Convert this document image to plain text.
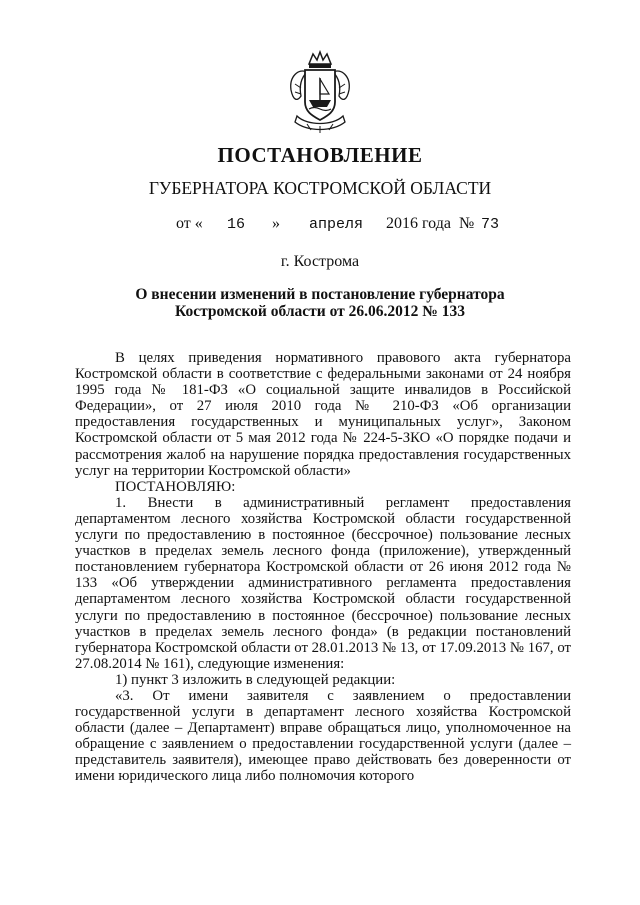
ПОСТАНОВЛЕНИЕ
ГУБЕРНАТОРА КОСТРОМСКОЙ ОБЛАСТИ
от « 16 » апреля 2016 года № 73
г. Кострома
О внесении изменений в постановление губернатора
Костромской области от 26.06.2012 № 133

В целях приведения нормативного правового акта губернатора Костромской области в соответствие с федеральными законами от 24 ноября 1995 года № 181-ФЗ «О социальной защите инвалидов в Российской Федерации», от 27 июля 2010 года № 210-ФЗ «Об организации предоставления государственных и муниципальных услуг», Законом Костромской области от 5 мая 2012 года № 224-5-ЗКО «О порядке подачи и рассмотрения жалоб на нарушение порядка предоставления государственных услуг на территории Костромской области»

ПОСТАНОВЛЯЮ:

1. Внести в административный регламент предоставления департаментом лесного хозяйства Костромской области государственной услуги по предоставлению в постоянное (бессрочное) пользование лесных участков в пределах земель лесного фонда (приложение), утвержденный постановлением губернатора Костромской области от 26 июня 2012 года № 133 «Об утверждении административного регламента предоставления департаментом лесного хозяйства Костромской области государственной услуги по предоставлению в постоянное (бессрочное) пользование лесных участков в пределах земель лесного фонда» (в редакции постановлений губернатора Костромской области от 28.01.2013 № 13, от 17.09.2013 № 167, от 27.08.2014 № 161), следующие изменения:

1) пункт 3 изложить в следующей редакции:

«3. От имени заявителя с заявлением о предоставлении государственной услуги в департамент лесного хозяйства Костромской области (далее – Департамент) вправе обращаться лицо, уполномоченное на обращение с заявлением о предоставлении государственной услуги (далее – представитель заявителя), имеющее право действовать без доверенности от имени юридического лица либо полномочия которого
